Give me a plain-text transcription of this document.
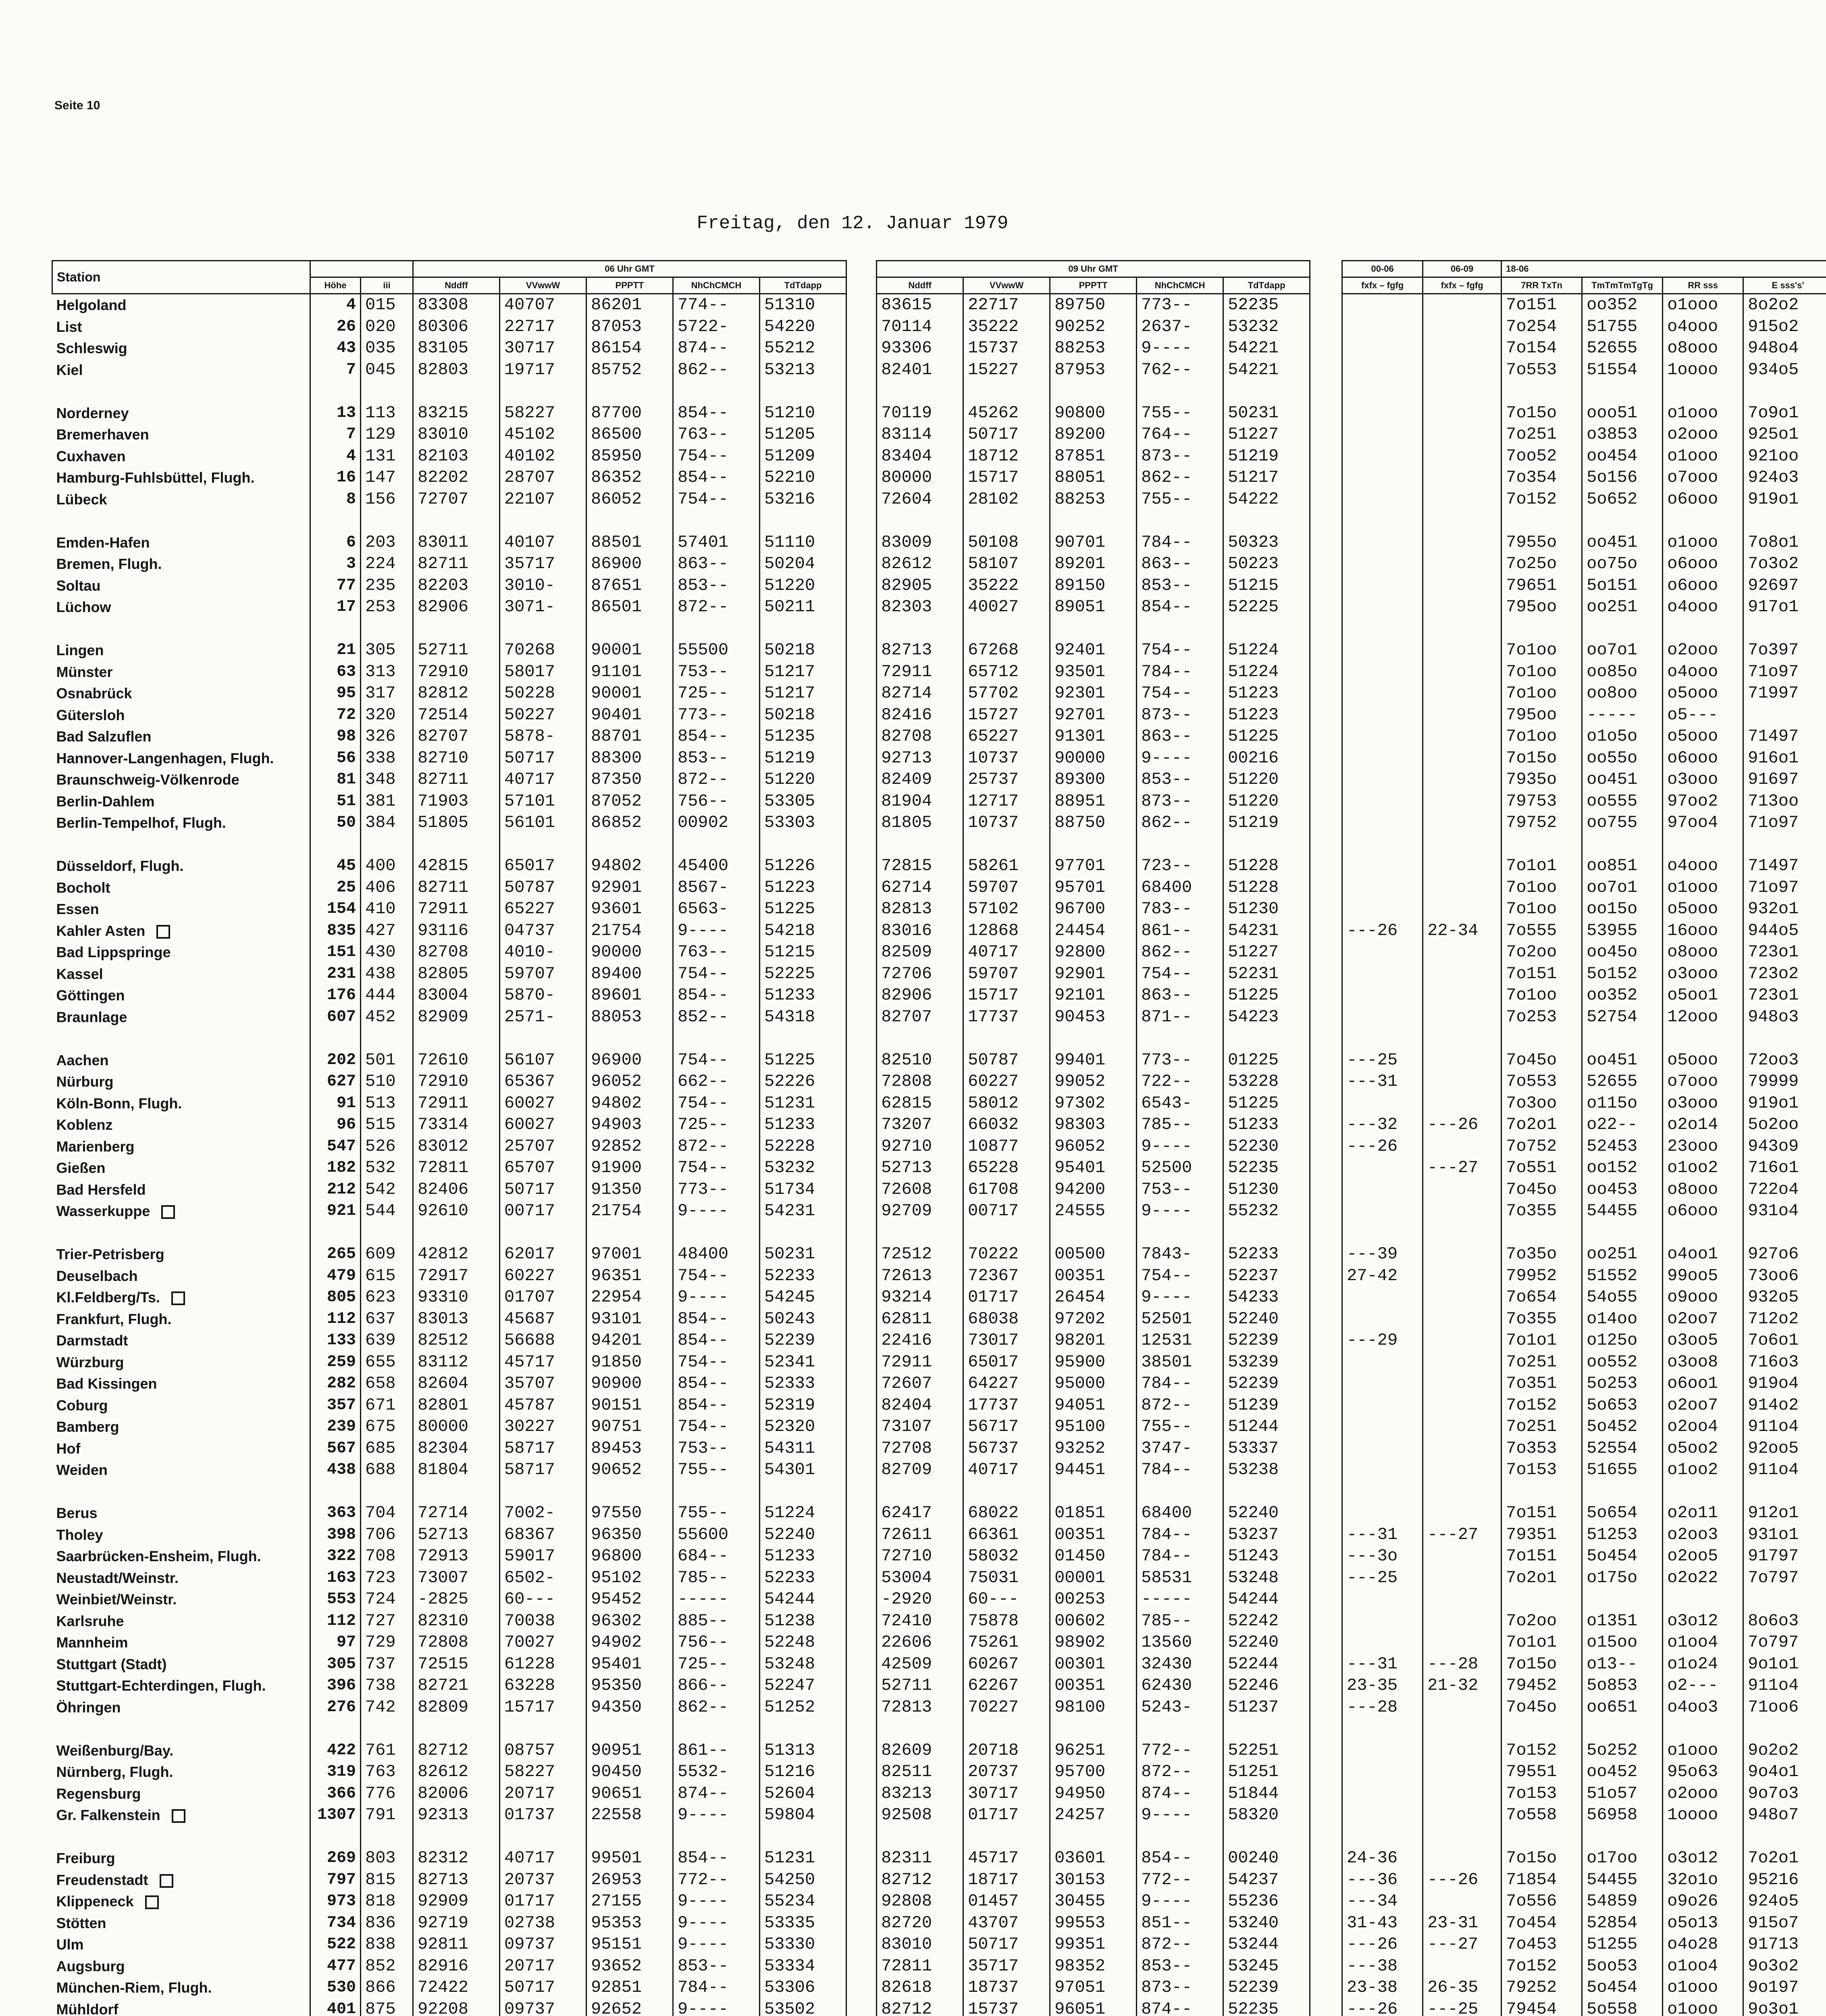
Seite 10
Freitag, den 12. Januar 1979
Station			06 Uhr GMT						09 Uhr GMT						00-06	06-09	18-06			
	Höhe	iii	Nddff	VVwwW	PPPTT	NhChCMCH	TdTdapp		Nddff	VVwwW	PPPTT	NhChCMCH	TdTdapp		fxfx – fgfg	fxfx – fgfg	7RR TxTn	TmTmTmTgTg	RR sss	E sss's'
Helgoland	4	015	83308	40707	86201	774--	51310		83615	22717	89750	773--	52235				7o151	oo352	o1ooo	8o2o2
List	26	020	80306	22717	87053	5722-	54220		70114	35222	90252	2637-	53232				7o254	51755	o4ooo	915o2
Schleswig	43	035	83105	30717	86154	874--	55212		93306	15737	88253	9----	54221				7o154	52655	o8ooo	948o4
Kiel	7	045	82803	19717	85752	862--	53213		82401	15227	87953	762--	54221				7o553	51554	1oooo	934o5

Norderney	13	113	83215	58227	87700	854--	51210		70119	45262	90800	755--	50231				7o15o	ooo51	o1ooo	7o9o1
Bremerhaven	7	129	83010	45102	86500	763--	51205		83114	50717	89200	764--	51227				7o251	o3853	o2ooo	925o1
Cuxhaven	4	131	82103	40102	85950	754--	51209		83404	18712	87851	873--	51219				7oo52	oo454	o1ooo	921oo
Hamburg-Fuhlsbüttel, Flugh.	16	147	82202	28707	86352	854--	52210		80000	15717	88051	862--	51217				7o354	5o156	o7ooo	924o3
Lübeck	8	156	72707	22107	86052	754--	53216		72604	28102	88253	755--	54222				7o152	5o652	o6ooo	919o1

Emden-Hafen	6	203	83011	40107	88501	57401	51110		83009	50108	90701	784--	50323				7955o	oo451	o1ooo	7o8o1
Bremen, Flugh.	3	224	82711	35717	86900	863--	50204		82612	58107	89201	863--	50223				7o25o	oo75o	o6ooo	7o3o2
Soltau	77	235	82203	3010-	87651	853--	51220		82905	35222	89150	853--	51215				79651	5o151	o6ooo	92697
Lüchow	17	253	82906	3071-	86501	872--	50211		82303	40027	89051	854--	52225				795oo	oo251	o4ooo	917o1

Lingen	21	305	52711	70268	90001	55500	50218		82713	67268	92401	754--	51224				7o1oo	oo7o1	o2ooo	7o397
Münster	63	313	72910	58017	91101	753--	51217		72911	65712	93501	784--	51224				7o1oo	oo85o	o4ooo	71o97
Osnabrück	95	317	82812	50228	90001	725--	51217		82714	57702	92301	754--	51223				7o1oo	oo8oo	o5ooo	71997
Gütersloh	72	320	72514	50227	90401	773--	50218		82416	15727	92701	873--	51223				795oo	-----	o5---	
Bad Salzuflen	98	326	82707	5878-	88701	854--	51235		82708	65227	91301	863--	51225				7o1oo	o1o5o	o5ooo	71497
Hannover-Langenhagen, Flugh.	56	338	82710	50717	88300	853--	51219		92713	10737	90000	9----	00216				7o15o	oo55o	o6ooo	916o1
Braunschweig-Völkenrode	81	348	82711	40717	87350	872--	51220		82409	25737	89300	853--	51220				7935o	oo451	o3ooo	91697
Berlin-Dahlem	51	381	71903	57101	87052	756--	53305		81904	12717	88951	873--	51220				79753	oo555	97oo2	713oo
Berlin-Tempelhof, Flugh.	50	384	51805	56101	86852	00902	53303		81805	10737	88750	862--	51219				79752	oo755	97oo4	71o97

Düsseldorf, Flugh.	45	400	42815	65017	94802	45400	51226		72815	58261	97701	723--	51228				7o1o1	oo851	o4ooo	71497
Bocholt	25	406	82711	50787	92901	8567-	51223		62714	59707	95701	68400	51228				7o1oo	oo7o1	o1ooo	71o97
Essen	154	410	72911	65227	93601	6563-	51225		82813	57102	96700	783--	51230				7o1oo	oo15o	o5ooo	932o1
Kahler Asten	835	427	93116	04737	21754	9----	54218		83016	12868	24454	861--	54231		---26	22-34	7o555	53955	16ooo	944o5
Bad Lippspringe	151	430	82708	4010-	90000	763--	51215		82509	40717	92800	862--	51227				7o2oo	oo45o	o8ooo	723o1
Kassel	231	438	82805	59707	89400	754--	52225		72706	59707	92901	754--	52231				7o151	5o152	o3ooo	723o2
Göttingen	176	444	83004	5870-	89601	854--	51233		82906	15717	92101	863--	51225				7o1oo	oo352	o5oo1	723o1
Braunlage	607	452	82909	2571-	88053	852--	54318		82707	17737	90453	871--	54223				7o253	52754	12ooo	948o3

Aachen	202	501	72610	56107	96900	754--	51225		82510	50787	99401	773--	01225		---25		7o45o	oo451	o5ooo	72oo3
Nürburg	627	510	72910	65367	96052	662--	52226		72808	60227	99052	722--	53228		---31		7o553	52655	o7ooo	79999
Köln-Bonn, Flugh.	91	513	72911	60027	94802	754--	51231		62815	58012	97302	6543-	51225				7o3oo	o115o	o3ooo	919o1
Koblenz	96	515	73314	60027	94903	725--	51233		73207	66032	98303	785--	51233		---32	---26	7o2o1	o22--	o2o14	5o2oo
Marienberg	547	526	83012	25707	92852	872--	52228		92710	10877	96052	9----	52230		---26		7o752	52453	23ooo	943o9
Gießen	182	532	72811	65707	91900	754--	53232		52713	65228	95401	52500	52235			---27	7o551	oo152	o1oo2	716o1
Bad Hersfeld	212	542	82406	50717	91350	773--	51734		72608	61708	94200	753--	51230				7o45o	oo453	o8ooo	722o4
Wasserkuppe	921	544	92610	00717	21754	9----	54231		92709	00717	24555	9----	55232				7o355	54455	o6ooo	931o4

Trier-Petrisberg	265	609	42812	62017	97001	48400	50231		72512	70222	00500	7843-	52233		---39		7o35o	oo251	o4oo1	927o6
Deuselbach	479	615	72917	60227	96351	754--	52233		72613	72367	00351	754--	52237		27-42		79952	51552	99oo5	73oo6
Kl.Feldberg/Ts.	805	623	93310	01707	22954	9----	54245		93214	01717	26454	9----	54233				7o654	54o55	o9ooo	932o5
Frankfurt, Flugh.	112	637	83013	45687	93101	854--	50243		62811	68038	97202	52501	52240				7o355	o14oo	o2oo7	712o2
Darmstadt	133	639	82512	56688	94201	854--	52239		22416	73017	98201	12531	52239		---29		7o1o1	o125o	o3oo5	7o6o1
Würzburg	259	655	83112	45717	91850	754--	52341		72911	65017	95900	38501	53239				7o251	oo552	o3oo8	716o3
Bad Kissingen	282	658	82604	35707	90900	854--	52333		72607	64227	95000	784--	52239				7o351	5o253	o6oo1	919o4
Coburg	357	671	82801	45787	90151	854--	52319		82404	17737	94051	872--	51239				7o152	5o653	o2oo7	914o2
Bamberg	239	675	80000	30227	90751	754--	52320		73107	56717	95100	755--	51244				7o251	5o452	o2oo4	911o4
Hof	567	685	82304	58717	89453	753--	54311		72708	56737	93252	3747-	53337				7o353	52554	o5oo2	92oo5
Weiden	438	688	81804	58717	90652	755--	54301		82709	40717	94451	784--	53238				7o153	51655	o1oo2	911o4

Berus	363	704	72714	7002-	97550	755--	51224		62417	68022	01851	68400	52240				7o151	5o654	o2o11	912o1
Tholey	398	706	52713	68367	96350	55600	52240		72611	66361	00351	784--	53237		---31	---27	79351	51253	o2oo3	931o1
Saarbrücken-Ensheim, Flugh.	322	708	72913	59017	96800	684--	51233		72710	58032	01450	784--	51243		---3o		7o151	5o454	o2oo5	91797
Neustadt/Weinstr.	163	723	73007	6502-	95102	785--	52233		53004	75031	00001	58531	53248		---25		7o2o1	o175o	o2o22	7o797
Weinbiet/Weinstr.	553	724	-2825	60---	95452	-----	54244		-2920	60---	00253	-----	54244							
Karlsruhe	112	727	82310	70038	96302	885--	51238		72410	75878	00602	785--	52242				7o2oo	o1351	o3o12	8o6o3
Mannheim	97	729	72808	70027	94902	756--	52248		22606	75261	98902	13560	52240				7o1o1	o15oo	o1oo4	7o797
Stuttgart (Stadt)	305	737	72515	61228	95401	725--	53248		42509	60267	00301	32430	52244		---31	---28	7o15o	o13--	o1o24	9o1o1
Stuttgart-Echterdingen, Flugh.	396	738	82721	63228	95350	866--	52247		52711	62267	00351	62430	52246		23-35	21-32	79452	5o853	o2---	911o4
Öhringen	276	742	82809	15717	94350	862--	51252		72813	70227	98100	5243-	51237		---28		7o45o	oo651	o4oo3	71oo6

Weißenburg/Bay.	422	761	82712	08757	90951	861--	51313		82609	20718	96251	772--	52251				7o152	5o252	o1ooo	9o2o2
Nürnberg, Flugh.	319	763	82612	58227	90450	5532-	51216		82511	20737	95700	872--	51251				79551	oo452	95o63	9o4o1
Regensburg	366	776	82006	20717	90651	874--	52604		83213	30717	94950	874--	51844				7o153	51o57	o2ooo	9o7o3
Gr. Falkenstein	1307	791	92313	01737	22558	9----	59804		92508	01717	24257	9----	58320				7o558	56958	1oooo	948o7

Freiburg	269	803	82312	40717	99501	854--	51231		82311	45717	03601	854--	00240		24-36		7o15o	o17oo	o3o12	7o2o1
Freudenstadt	797	815	82713	20737	26953	772--	54250		82712	18717	30153	772--	54237		---36	---26	71854	54455	32o1o	95216
Klippeneck	973	818	92909	01717	27155	9----	55234		92808	01457	30455	9----	55236		---34		7o556	54859	o9o26	924o5
Stötten	734	836	92719	02738	95353	9----	53335		82720	43707	99553	851--	53240		31-43	23-31	7o454	52854	o5o13	915o7
Ulm	522	838	92811	09737	95151	9----	53330		83010	50717	99351	872--	53244		---26	---27	7o453	51255	o4o28	91713
Augsburg	477	852	82916	20717	93652	853--	53334		72811	35717	98352	853--	53245		---38		7o152	5oo53	o1oo4	9o3o2
München-Riem, Flugh.	530	866	72422	50717	92851	784--	53306		82618	18737	97051	873--	52239		23-38	26-35	79252	5o454	o1ooo	9o197
Mühldorf	401	875	92208	09737	92652	9----	53502		82712	15737	96051	874--	52235		---26	---25	79454	5o558	o1ooo	9o3o1
